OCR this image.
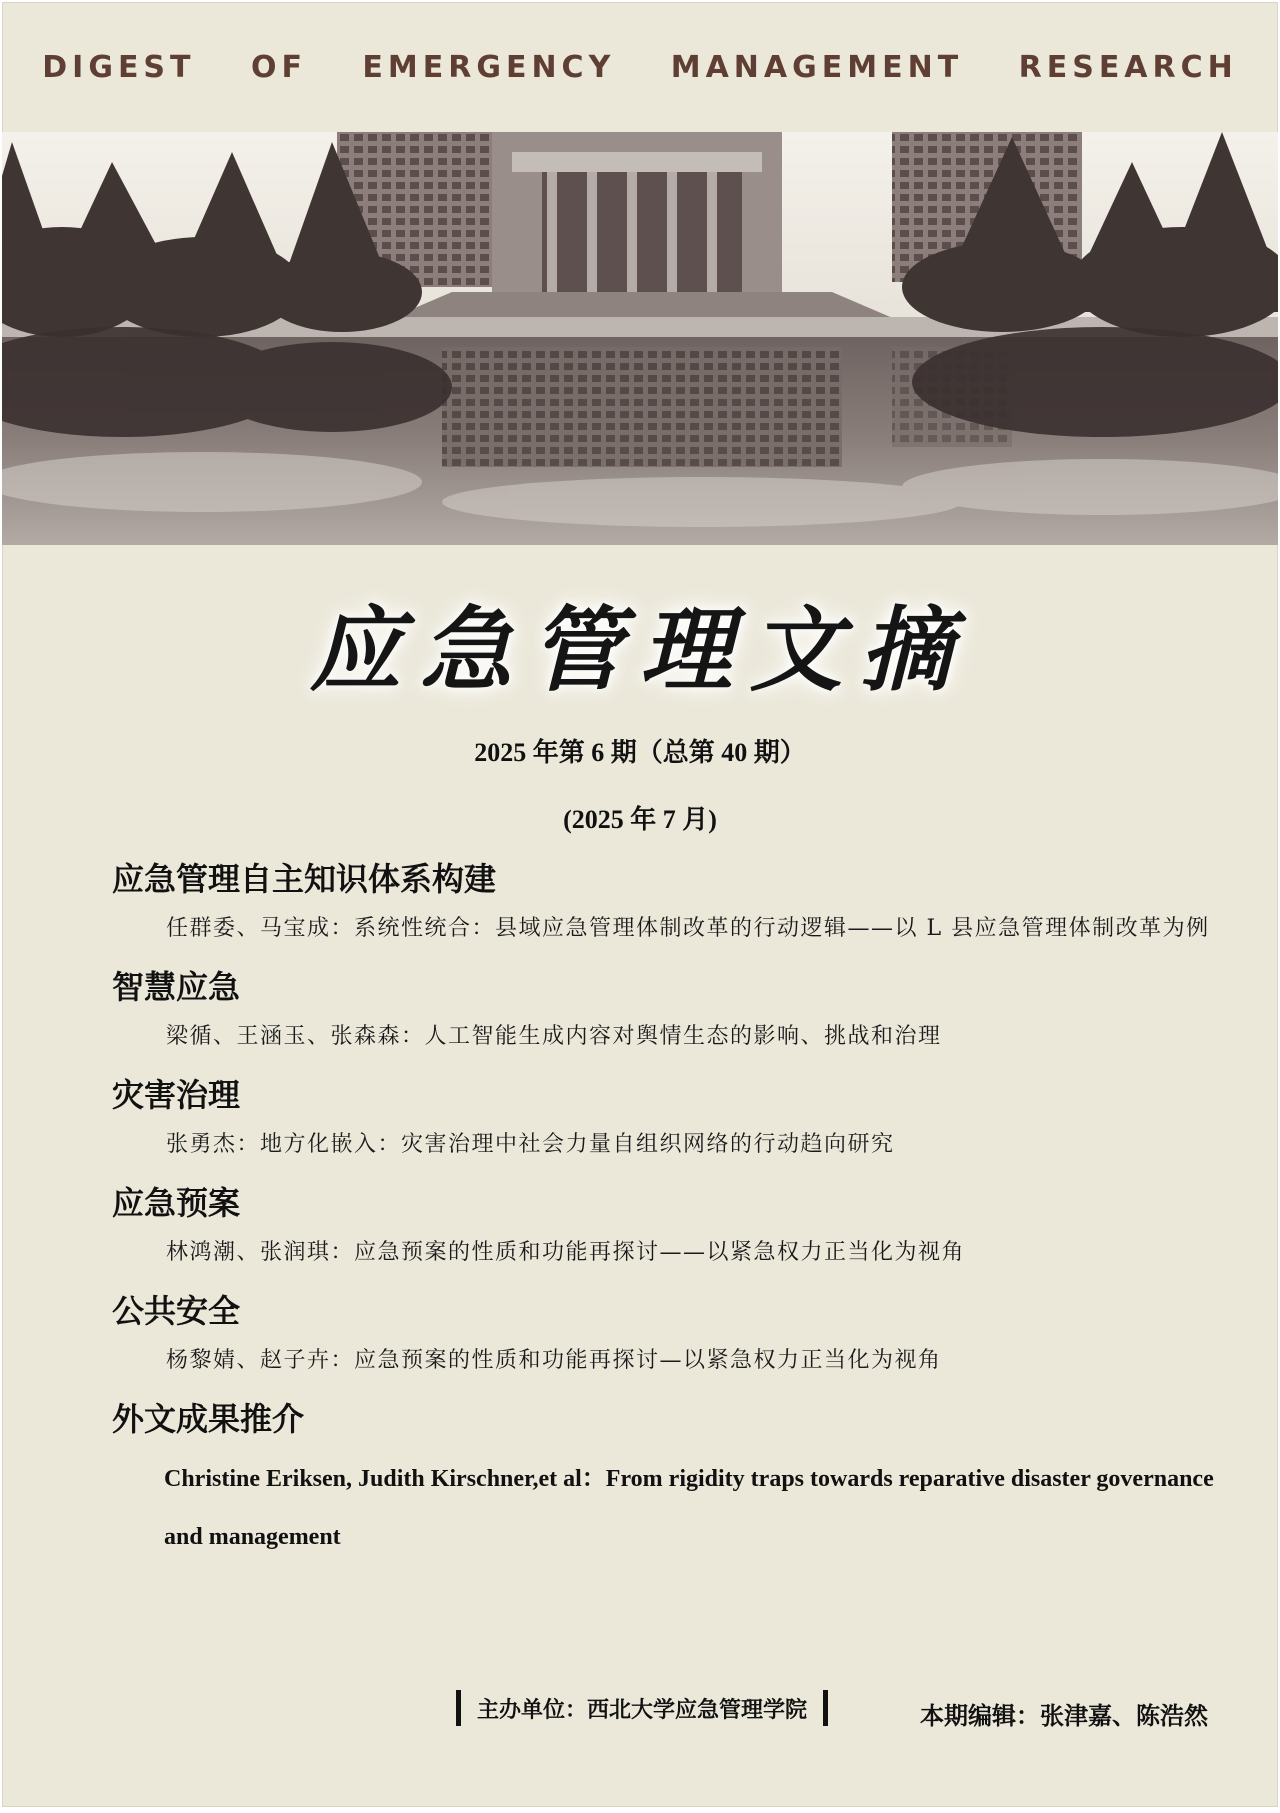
DIGEST OF EMERGENCY MANAGEMENT RESEARCH
应急管理文摘
2025 年第 6 期（总第 40 期）
(2025 年 7 月)
应急管理自主知识体系构建

任群委、马宝成：系统性统合：县域应急管理体制改革的行动逻辑——以 L 县应急管理体制改革为例

智慧应急

梁循、王涵玉、张森森：人工智能生成内容对舆情生态的影响、挑战和治理

灾害治理

张勇杰：地方化嵌入：灾害治理中社会力量自组织网络的行动趋向研究

应急预案

林鸿潮、张润琪：应急预案的性质和功能再探讨——以紧急权力正当化为视角

公共安全

杨黎婧、赵子卉：应急预案的性质和功能再探讨—以紧急权力正当化为视角

外文成果推介

Christine Eriksen, Judith Kirschner,et al：From rigidity traps towards reparative disaster governance and management

主办单位：西北大学应急管理学院	本期编辑：张津嘉、陈浩然
